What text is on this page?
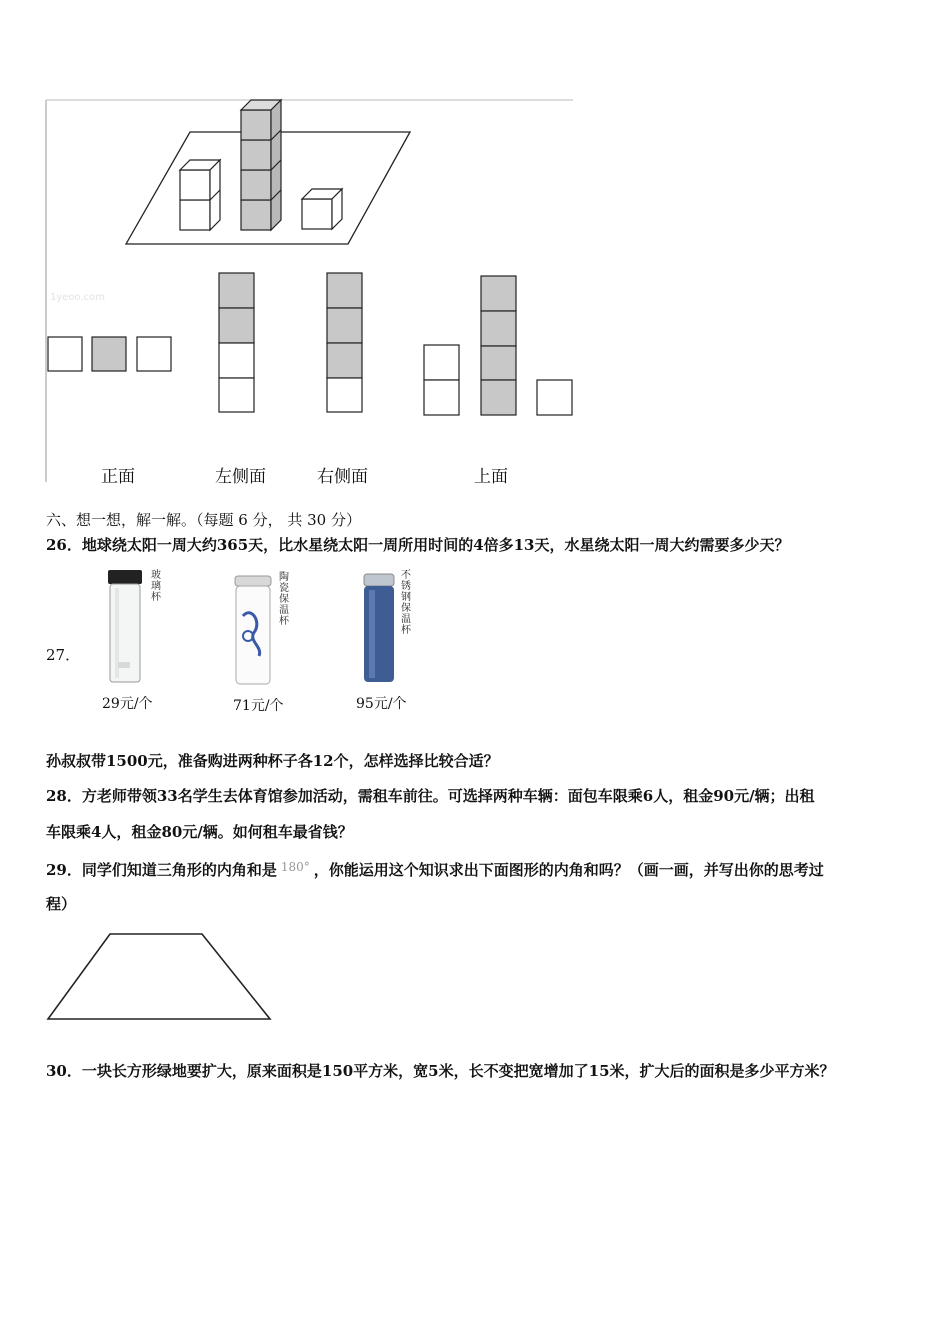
1yeoo.com
正面	左侧面	右侧面	上面
六、想一想，解一解。（每题 6 分， 共 30 分）
26．地球绕太阳一周大约365天，比水星绕太阳一周所用时间的4倍多13天，水星绕太阳一周大约需要多少天？
27．
玻
璃
杯
29元/个
陶
瓷
保
温
杯
71元/个
不
锈
钢
保
温
杯
95元/个
孙叔叔带1500元，准备购进两种杯子各12个，怎样选择比较合适？
28．方老师带领33名学生去体育馆参加活动，需租车前往。可选择两种车辆：面包车限乘6人，租金90元/辆；出租
车限乘4人，租金80元/辆。如何租车最省钱？
29．同学们知道三角形的内角和是 $^{180^\circ}$ ，你能运用这个知识求出下面图形的内角和吗？（画一画，并写出你的思考过
程）
30．一块长方形绿地要扩大，原来面积是150平方米，宽5米，长不变把宽增加了15米，扩大后的面积是多少平方米？
